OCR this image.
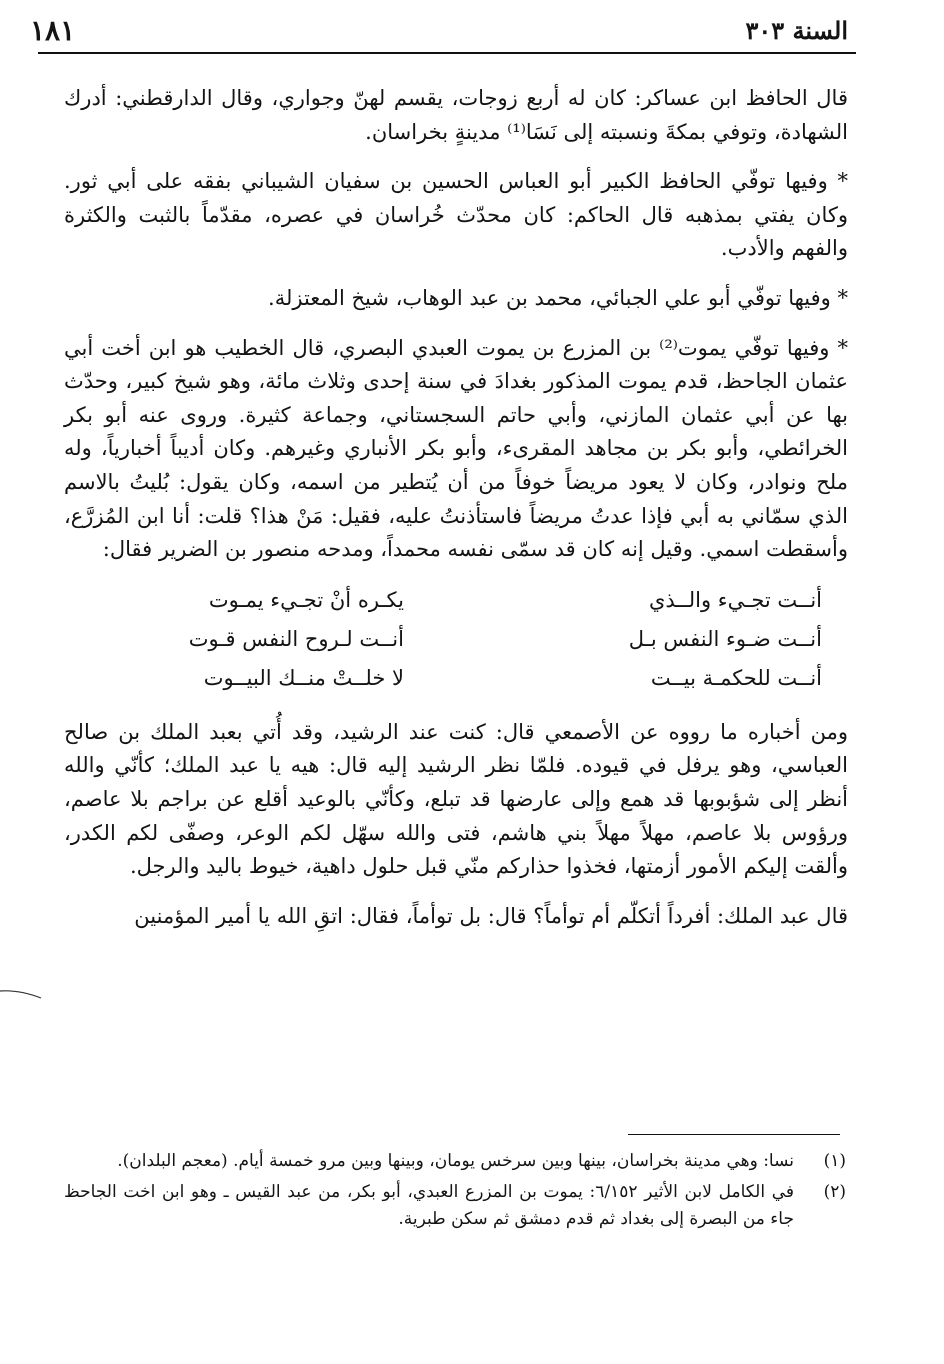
السنة ٣٠٣
١٨١

قال الحافظ ابن عساكر: كان له أربع زوجات، يقسم لهنّ وجواري، وقال الدارقطني: أدرك الشهادة، وتوفي بمكةَ ونسبته إلى نَسَا⁽¹⁾ مدينةٍ بخراسان.

* وفيها توفّي الحافظ الكبير أبو العباس الحسين بن سفيان الشيباني بفقه على أبي ثور. وكان يفتي بمذهبه قال الحاكم: كان محدّث خُراسان في عصره، مقدّماً بالثبت والكثرة والفهم والأدب.

* وفيها توفّي أبو علي الجبائي، محمد بن عبد الوهاب، شيخ المعتزلة.

* وفيها توفّي يموت⁽²⁾ بن المزرع بن يموت العبدي البصري، قال الخطيب هو ابن أخت أبي عثمان الجاحظ، قدم يموت المذكور بغدادَ في سنة إحدى وثلاث مائة، وهو شيخ كبير، وحدّث بها عن أبي عثمان المازني، وأبي حاتم السجستاني، وجماعة كثيرة. وروى عنه أبو بكر الخرائطي، وأبو بكر بن مجاهد المقرىء، وأبو بكر الأنباري وغيرهم. وكان أديباً أخبارياً، وله ملح ونوادر، وكان لا يعود مريضاً خوفاً من أن يُتطير من اسمه، وكان يقول: بُليتُ بالاسم الذي سمّاني به أبي فإذا عدتُ مريضاً فاستأذنتُ عليه، فقيل: مَنْ هذا؟ قلت: أنا ابن المُزرَّع، وأسقطت اسمي. وقيل إنه كان قد سمّى نفسه محمداً، ومدحه منصور بن الضرير فقال:

أنــت تجـيء والــذي
يكـره أنْ تجـيء يمـوت
أنــت ضـوء النفس بـل
أنــت لـروح النفس قـوت
أنــت للحكمـة بيــت
لا خلــتْ منــك البيــوت

ومن أخباره ما رووه عن الأصمعي قال: كنت عند الرشيد، وقد أُتي بعبد الملك بن صالح العباسي، وهو يرفل في قيوده. فلمّا نظر الرشيد إليه قال: هيه يا عبد الملك؛ كأنّي والله أنظر إلى شؤبوبها قد همع وإلى عارضها قد تبلع، وكأنّي بالوعيد أقلع عن براجم بلا عاصم، ورؤوس بلا عاصم، مهلاً مهلاً بني هاشم، فتى والله سهّل لكم الوعر، وصفّى لكم الكدر، وألقت إليكم الأمور أزمتها، فخذوا حذاركم منّي قبل حلول داهية، خيوط باليد والرجل.

قال عبد الملك: أفرداً أتكلّم أم توأماً؟ قال: بل توأماً، فقال: اتقِ الله يا أمير المؤمنين

(١)
نسا: وهي مدينة بخراسان، بينها وبين سرخس يومان، وبينها وبين مرو خمسة أيام. (معجم البلدان).
(٢)
في الكامل لابن الأثير ٦/١٥٢: يموت بن المزرع العبدي، أبو بكر، من عبد القيس ـ وهو ابن اخت الجاحظ جاء من البصرة إلى بغداد ثم قدم دمشق ثم سكن طبرية.
